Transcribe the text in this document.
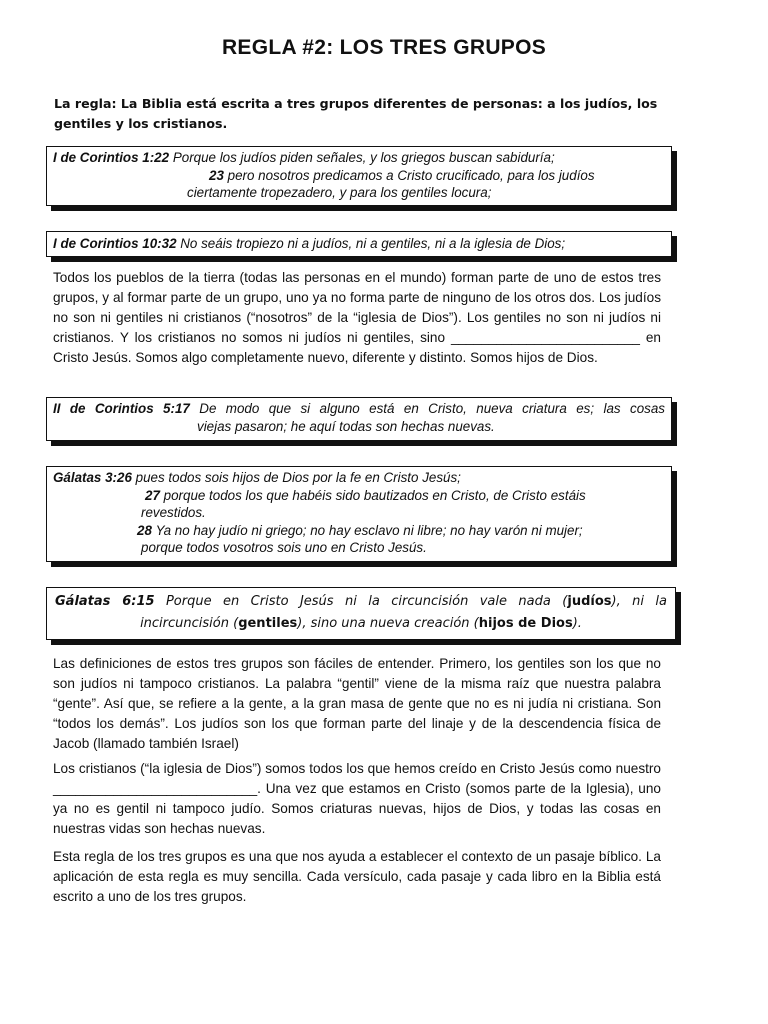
REGLA #2: LOS TRES GRUPOS

La regla: La Biblia está escrita a tres grupos diferentes de personas: a los judíos, los gentiles y los cristianos.

I de Corintios 1:22 Porque los judíos piden señales, y los griegos buscan sabiduría;
23 pero nosotros predicamos a Cristo crucificado, para los judíos
ciertamente tropezadero, y para los gentiles locura;
I de Corintios 10:32 No seáis tropiezo ni a judíos, ni a gentiles, ni a la iglesia de Dios;

Todos los pueblos de la tierra (todas las personas en el mundo) forman parte de uno de estos tres grupos, y al formar parte de un grupo, uno ya no forma parte de ninguno de los otros dos. Los judíos no son ni gentiles ni cristianos (“nosotros” de la “iglesia de Dios”). Los gentiles no son ni judíos ni cristianos. Y los cristianos no somos ni judíos ni gentiles, sino _________________________ en Cristo Jesús. Somos algo completamente nuevo, diferente y distinto. Somos hijos de Dios.

II de Corintios 5:17 De modo que si alguno está en Cristo, nueva criatura es; las cosas
viejas pasaron; he aquí todas son hechas nuevas.
Gálatas 3:26 pues todos sois hijos de Dios por la fe en Cristo Jesús;
27 porque todos los que habéis sido bautizados en Cristo, de Cristo estáis
revestidos.
28 Ya no hay judío ni griego; no hay esclavo ni libre; no hay varón ni mujer;
porque todos vosotros sois uno en Cristo Jesús.
Gálatas 6:15 Porque en Cristo Jesús ni la circuncisión vale nada (judíos), ni la
incircuncisión (gentiles), sino una nueva creación (hijos de Dios).

Las definiciones de estos tres grupos son fáciles de entender. Primero, los gentiles son los que no son judíos ni tampoco cristianos. La palabra “gentil” viene de la misma raíz que nuestra palabra “gente”. Así que, se refiere a la gente, a la gran masa de gente que no es ni judía ni cristiana. Son “todos los demás”. Los judíos son los que forman parte del linaje y de la descendencia física de Jacob (llamado también Israel)

Los cristianos (“la iglesia de Dios”) somos todos los que hemos creído en Cristo Jesús como nuestro ___________________________. Una vez que estamos en Cristo (somos parte de la Iglesia), uno ya no es gentil ni tampoco judío. Somos criaturas nuevas, hijos de Dios, y todas las cosas en nuestras vidas son hechas nuevas.

Esta regla de los tres grupos es una que nos ayuda a establecer el contexto de un pasaje bíblico. La aplicación de esta regla es muy sencilla. Cada versículo, cada pasaje y cada libro en la Biblia está escrito a uno de los tres grupos.
